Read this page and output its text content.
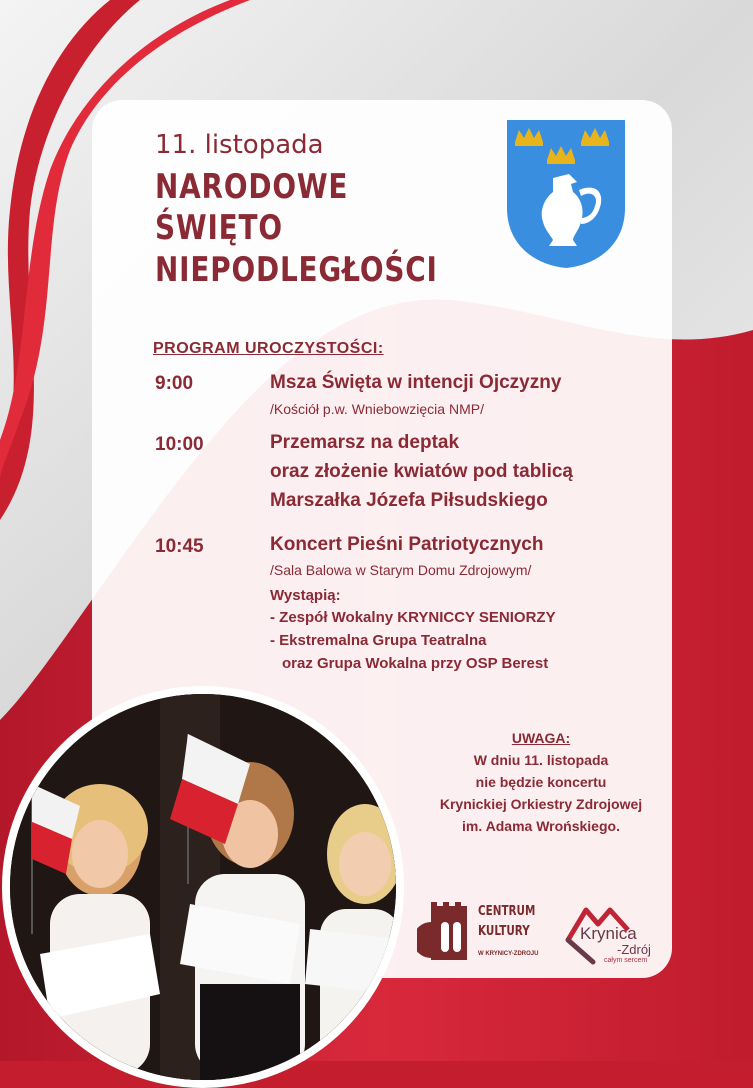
11. listopada
NARODOWE
ŚWIĘTO
NIEPODLEGŁOŚCI
PROGRAM UROCZYSTOŚCI:
9:00	Msza Święta w intencji Ojczyzny
/Kościół p.w. Wniebowzięcia NMP/
10:00	Przemarsz na deptak
oraz złożenie kwiatów pod tablicą
Marszałka Józefa Piłsudskiego
10:45	Koncert Pieśni Patriotycznych
/Sala Balowa w Starym Domu Zdrojowym/
Wystąpią:
- Zespół Wokalny KRYNICCY SENIORZY
- Ekstremalna Grupa Teatralna
oraz Grupa Wokalna przy OSP Berest
UWAGA:
W dniu 11. listopada
nie będzie koncertu
Krynickiej Orkiestry Zdrojowej
im. Adama Wrońskiego.
CENTRUM
KULTURY
W KRYNICY-ZDROJU
Krynica
-Zdrój
całym sercem
